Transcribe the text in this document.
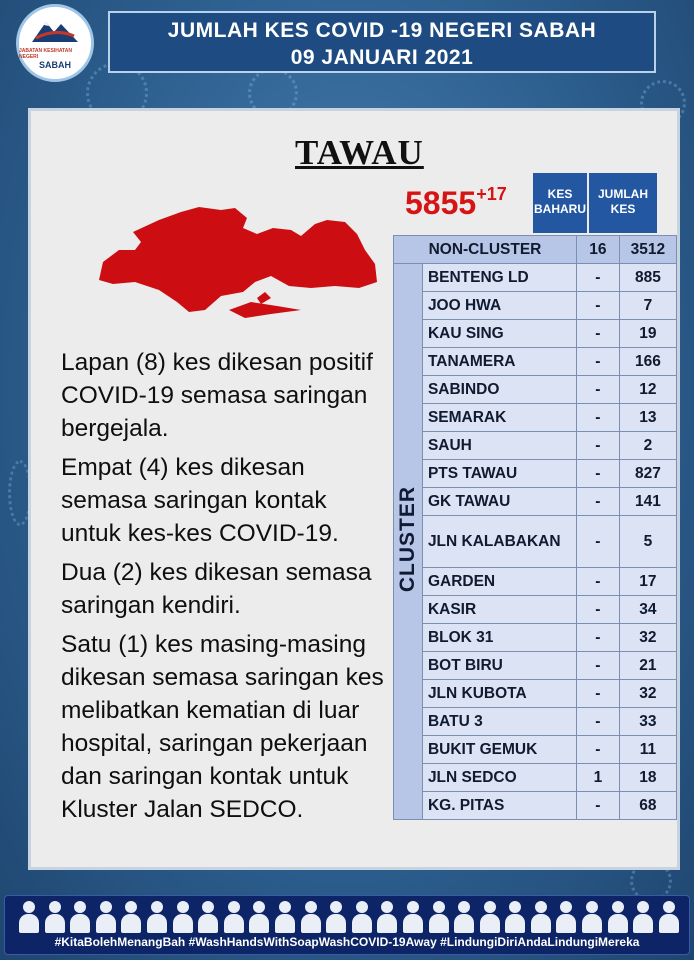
JABATAN KESIHATAN NEGERI
SABAH
JUMLAH KES COVID -19 NEGERI SABAH
09 JANUARI 2021
TAWAU

Lapan (8) kes dikesan positif COVID-19 semasa saringan bergejala.

Empat (4) kes dikesan semasa saringan kontak untuk kes-kes COVID-19.

Dua (2) kes dikesan semasa saringan kendiri.

Satu (1) kes masing-masing dikesan semasa saringan kes melibatkan kematian di luar hospital, saringan pekerjaan dan saringan kontak untuk Kluster Jalan SEDCO.

5855+17	KES BAHARU
JUMLAH KES
NON-CLUSTER		16	3512
CLUSTER	BENTENG LD	-	885
	JOO HWA	-	7
	KAU SING	-	19
	TANAMERA	-	166
	SABINDO	-	12
	SEMARAK	-	13
	SAUH	-	2
	PTS TAWAU	-	827
	GK TAWAU	-	141
	JLN KALABAKAN	-	5
	GARDEN	-	17
	KASIR	-	34
	BLOK 31	-	32
	BOT BIRU	-	21
	JLN KUBOTA	-	32
	BATU 3	-	33
	BUKIT GEMUK	-	11
	JLN SEDCO	1	18
	KG. PITAS	-	68
#KitaBolehMenangBah #WashHandsWithSoapWashCOVID-19Away #LindungiDiriAndaLindungiMereka
